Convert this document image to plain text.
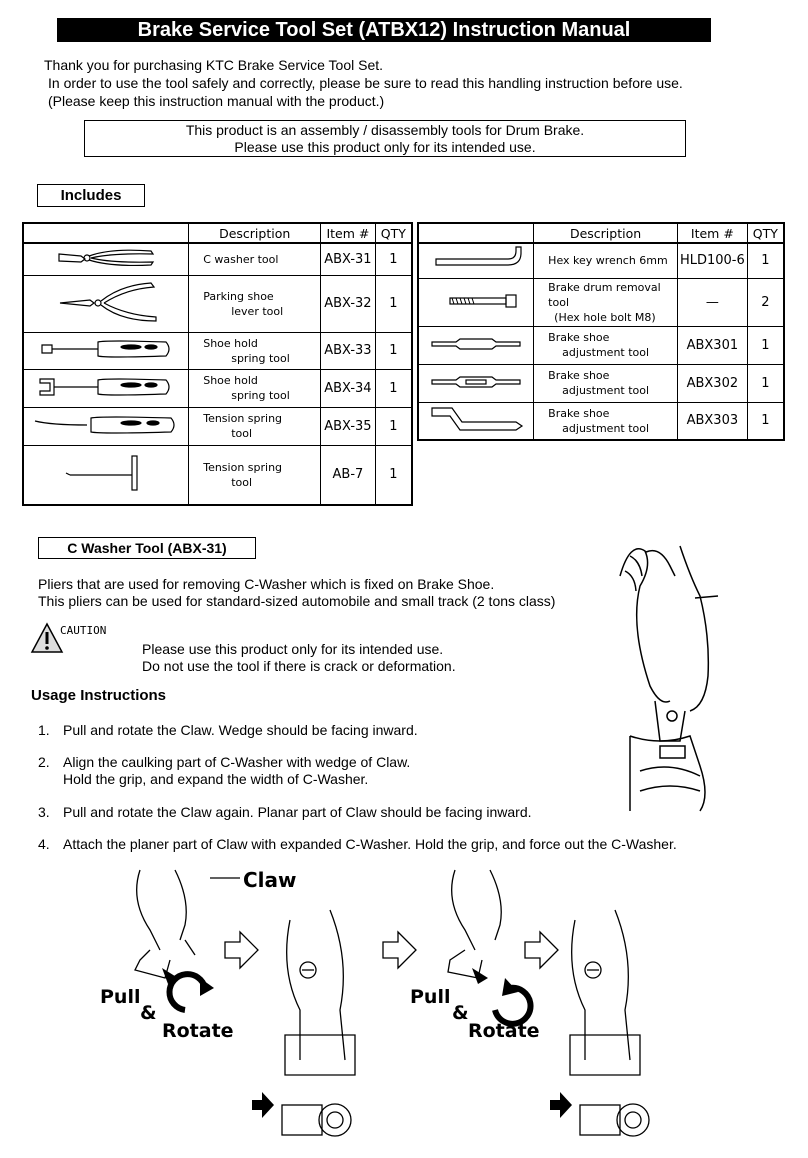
Brake Service Tool Set (ATBX12) Instruction Manual
Thank you for purchasing KTC Brake Service Tool Set.
In order to use the tool safely and correctly, please be sure to read this handling instruction before use.
(Please keep this instruction manual with the product.)
This product is an assembly / disassembly tools for Drum Brake.
Please use this product only for its intended use.
Includes
	Description	Item #	QTY
	C washer tool	ABX-31	1
	Parking shoe
lever tool	ABX-32	1
	Shoe hold
spring tool	ABX-33	1
	Shoe hold
spring tool	ABX-34	1
	Tension spring
tool	ABX-35	1
	Tension spring
tool	AB-7	1
	Description	Item #	QTY
	Hex key wrench 6mm	HLD100-6	1
	Brake drum removal tool
(Hex hole bolt M8)	—	2
	Brake shoe
adjustment tool	ABX301	1
	Brake shoe
adjustment tool	ABX302	1
	Brake shoe
adjustment tool	ABX303	1
C Washer Tool (ABX-31)
Pliers that are used for removing C-Washer which is fixed on Brake Shoe.
This pliers can be used for standard-sized automobile and small track (2 tons class)
CAUTION
Please use this product only for its intended use.
Do not use the tool if there is crack or deformation.
Usage Instructions
1. Pull and rotate the Claw. Wedge should be facing inward.
2. Align the caulking part of C-Washer with wedge of Claw.
Hold the grip, and expand the width of C-Washer.
3. Pull and rotate the Claw again. Planar part of Claw should be facing inward.
4. Attach the planer part of Claw with expanded C-Washer. Hold the grip, and force out the C-Washer.
Claw
Pull
&
Rotate
Pull
&
Rotate
